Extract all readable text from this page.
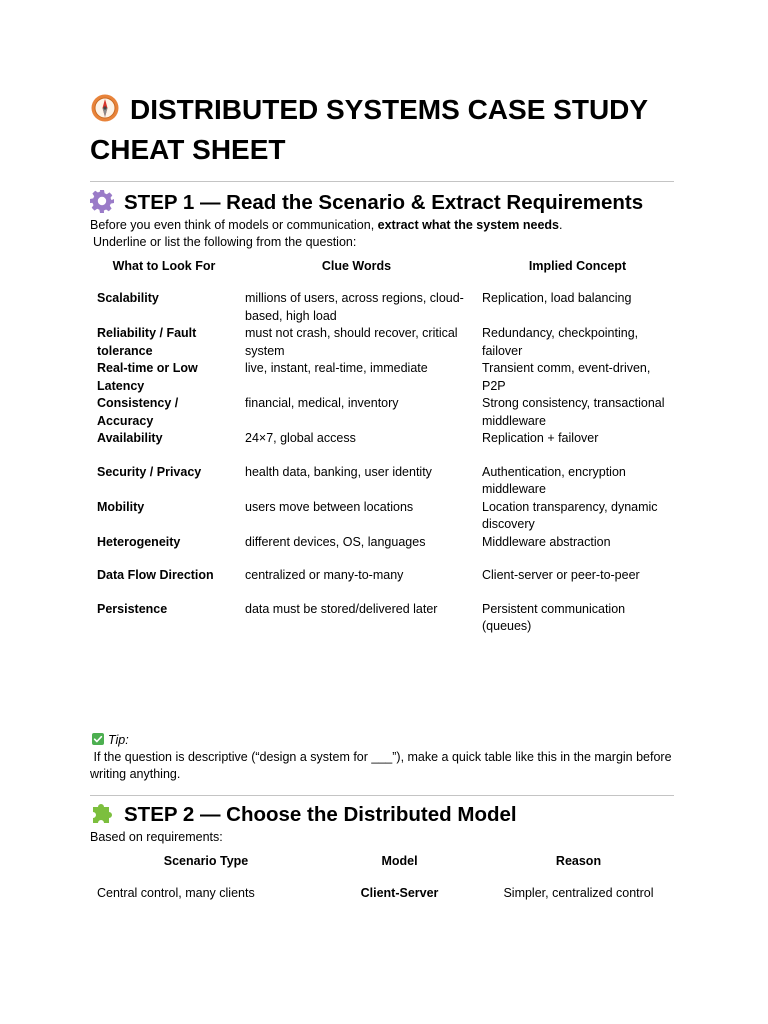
DISTRIBUTED SYSTEMS CASE STUDY CHEAT SHEET
STEP 1 — Read the Scenario & Extract Requirements

Before you even think of models or communication, extract what the system needs.

Underline or list the following from the question:

What to Look For	Clue Words	Implied Concept
Scalability	millions of users, across regions, cloud-based, high load	Replication, load balancing
Reliability / Fault tolerance	must not crash, should recover, critical system	Redundancy, checkpointing, failover
Real-time or Low Latency	live, instant, real-time, immediate	Transient comm, event-driven, P2P
Consistency / Accuracy	financial, medical, inventory	Strong consistency, transactional middleware
Availability	24×7, global access	Replication + failover
Security / Privacy	health data, banking, user identity	Authentication, encryption middleware
Mobility	users move between locations	Location transparency, dynamic discovery
Heterogeneity	different devices, OS, languages	Middleware abstraction
Data Flow Direction	centralized or many-to-many	Client-server or peer-to-peer
Persistence	data must be stored/delivered later	Persistent communication (queues)
Tip:

If the question is descriptive (“design a system for ___”), make a quick table like this in the margin before writing anything.

STEP 2 — Choose the Distributed Model

Based on requirements:

Scenario Type	Model	Reason
Central control, many clients	Client-Server	Simpler, centralized control
